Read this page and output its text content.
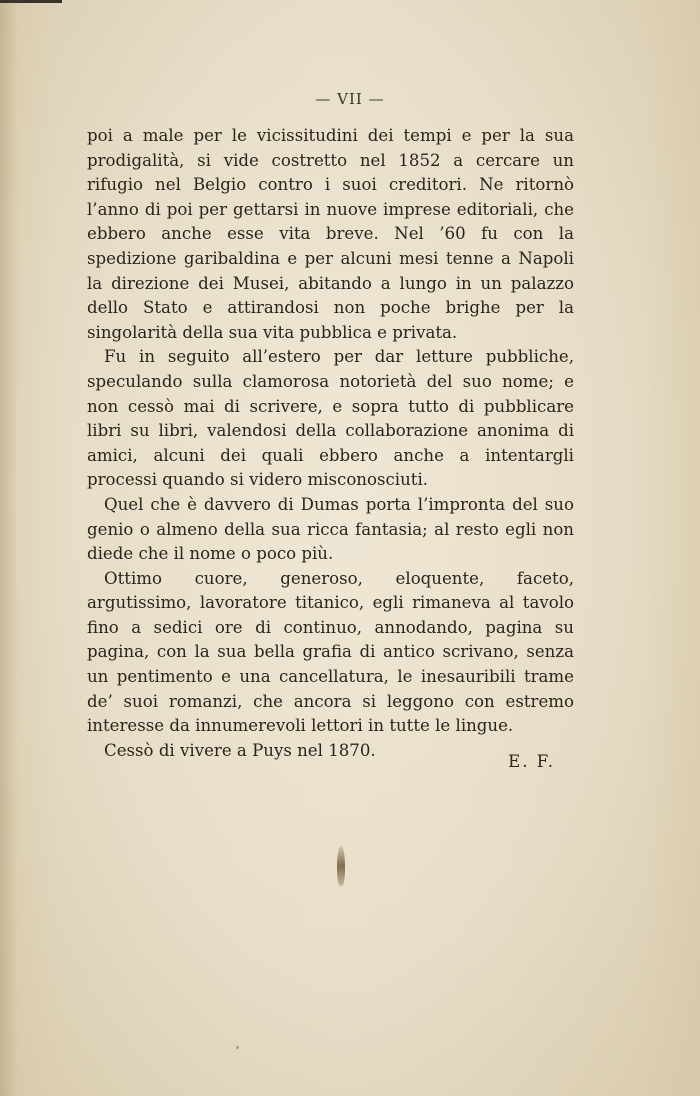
— VII —

poi a male per le vicissitudini dei tempi e per la sua prodigalità, si vide costretto nel 1852 a cercare un rifugio nel Belgio contro i suoi creditori. Ne ritornò l’anno di poi per gettarsi in nuove imprese editoriali, che ebbero anche esse vita breve. Nel ’60 fu con la spedizione garibaldina e per alcuni mesi tenne a Napoli la direzione dei Musei, abitando a lungo in un palazzo dello Stato e attirandosi non poche brighe per la singolarità della sua vita pubblica e privata.

Fu in seguito all’estero per dar letture pubbliche, speculando sulla clamorosa notorietà del suo nome; e non cessò mai di scrivere, e sopra tutto di pubblicare libri su libri, valendosi della collaborazione anonima di amici, alcuni dei quali ebbero anche a intentargli processi quando si videro misconosciuti.

Quel che è davvero di Dumas porta l’impronta del suo genio o almeno della sua ricca fantasia; al resto egli non diede che il nome o poco più.

Ottimo cuore, generoso, eloquente, faceto, argutissimo, lavoratore titanico, egli rimaneva al tavolo fino a sedici ore di continuo, annodando, pagina su pagina, con la sua bella grafia di antico scrivano, senza un pentimento e una cancellatura, le inesauribili trame de’ suoi romanzi, che ancora si leggono con estremo interesse da innumerevoli lettori in tutte le lingue.

Cessò di vivere a Puys nel 1870.

E. F.
